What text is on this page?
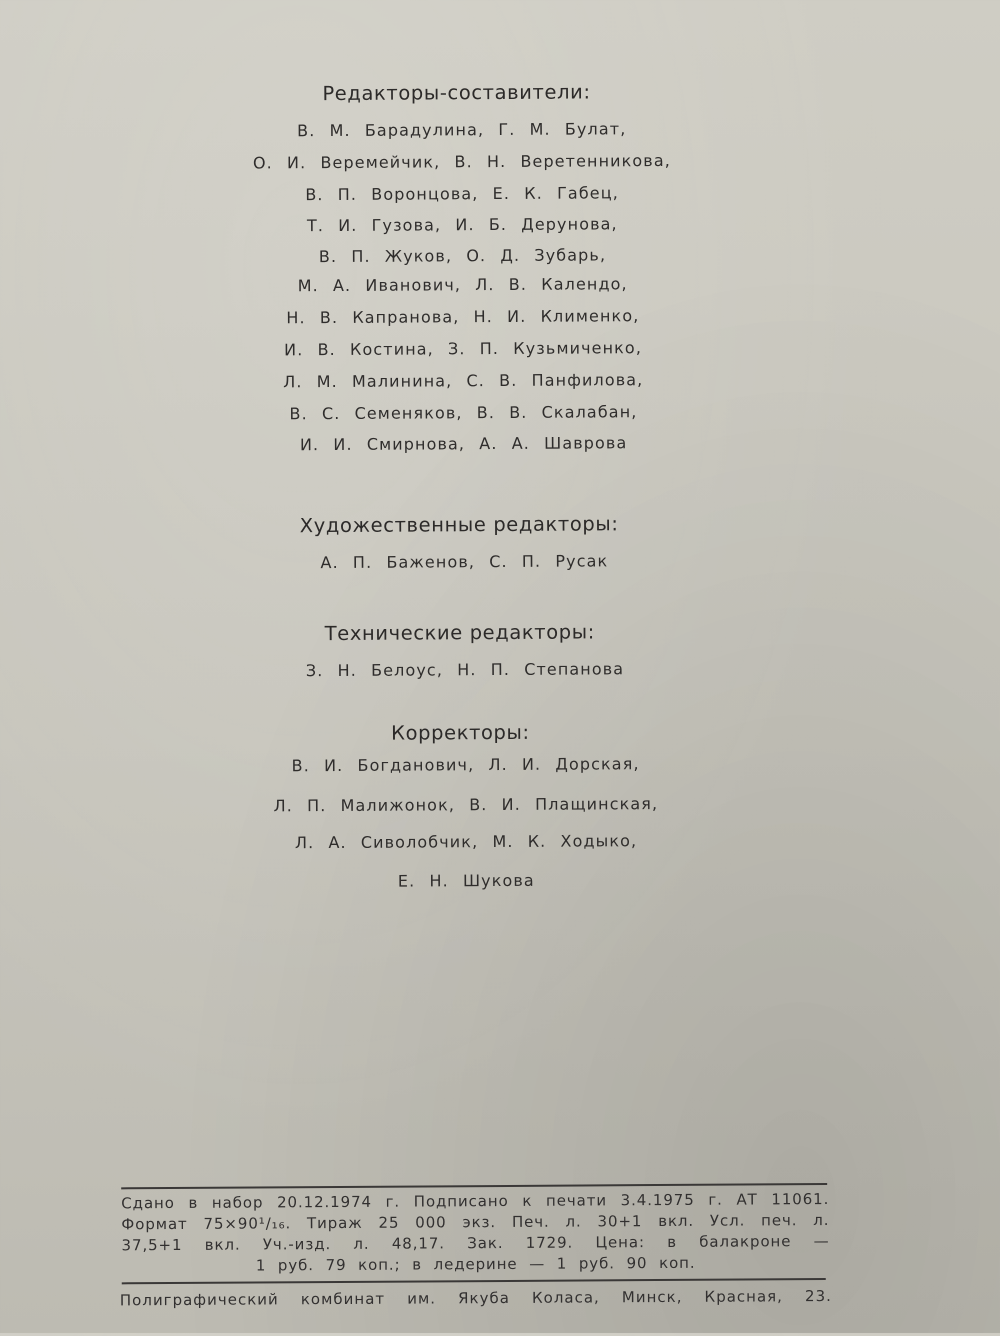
Редакторы-составители:
В. М. Барадулина, Г. М. Булат,
О. И. Веремейчик, В. Н. Веретенникова,
В. П. Воронцова, Е. К. Габец,
Т. И. Гузова, И. Б. Дерунова,
В. П. Жуков, О. Д. Зубарь,
М. А. Иванович, Л. В. Календо,
Н. В. Капранова, Н. И. Клименко,
И. В. Костина, З. П. Кузьмиченко,
Л. М. Малинина, С. В. Панфилова,
В. С. Семеняков, В. В. Скалабан,
И. И. Смирнова, А. А. Шаврова
Художественные редакторы:
А. П. Баженов, С. П. Русак
Технические редакторы:
З. Н. Белоус, Н. П. Степанова
Корректоры:
В. И. Богданович, Л. И. Дорская,
Л. П. Малижонок, В. И. Плащинская,
Л. А. Сиволобчик, М. К. Ходыко,
Е. Н. Шукова
Сдано в набор 20.12.1974 г. Подписано к печати 3.4.1975 г. АТ 11061.
Формат 75×90¹/₁₆. Тираж 25 000 экз. Печ. л. 30+1 вкл. Усл. печ. л.
37,5+1 вкл. Уч.-изд. л. 48,17. Зак. 1729. Цена: в балакроне —
1 руб. 79 коп.; в ледерине — 1 руб. 90 коп.
Полиграфический комбинат им. Якуба Коласа, Минск, Красная, 23.
